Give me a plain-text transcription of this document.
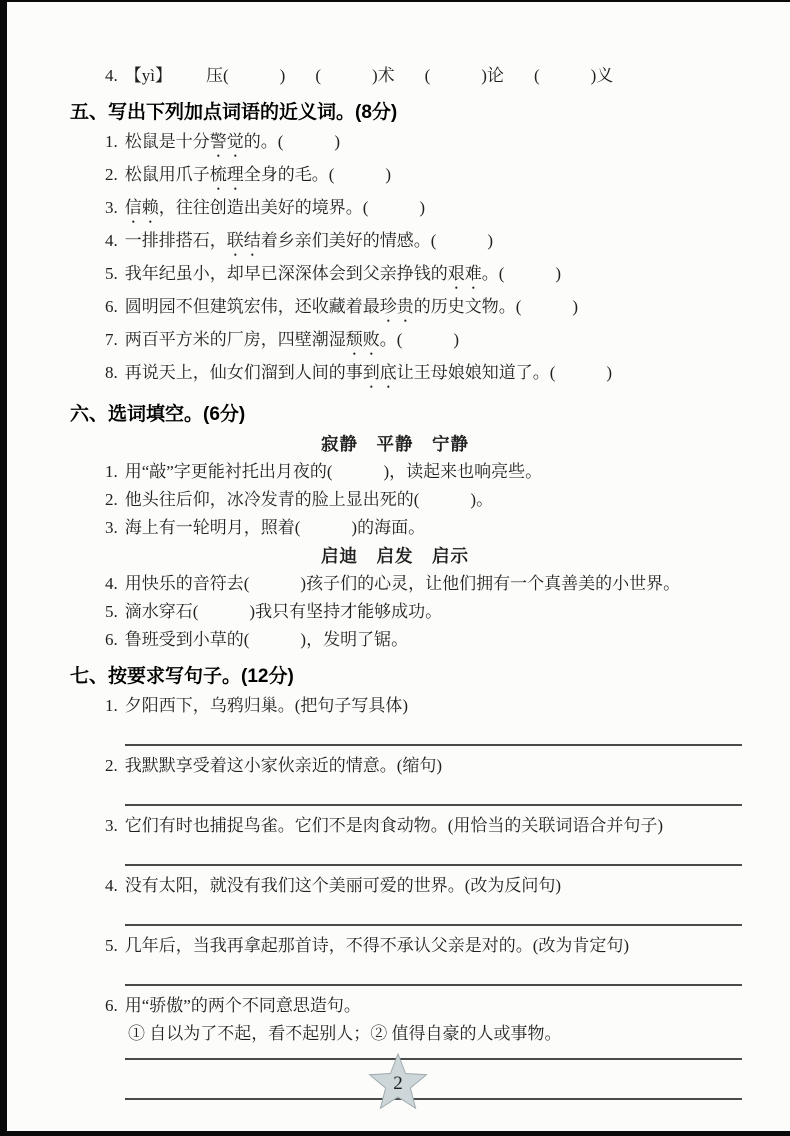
4. 【yì】 压(　　　) (　　　)术 (　　　)论 (　　　)义
五、写出下列加点词语的近义词。(8分)
1. 松鼠是十分警觉的。(　　　)
2. 松鼠用爪子梳理全身的毛。(　　　)
3. 信赖，往往创造出美好的境界。(　　　)
4. 一排排搭石，联结着乡亲们美好的情感。(　　　)
5. 我年纪虽小，却早已深深体会到父亲挣钱的艰难。(　　　)
6. 圆明园不但建筑宏伟，还收藏着最珍贵的历史文物。(　　　)
7. 两百平方米的厂房，四壁潮湿颓败。(　　　)
8. 再说天上，仙女们溜到人间的事到底让王母娘娘知道了。(　　　)
六、选词填空。(6分)
寂静　平静　宁静
1. 用“敲”字更能衬托出月夜的(　　　)，读起来也响亮些。
2. 他头往后仰，冰冷发青的脸上显出死的(　　　)。
3. 海上有一轮明月，照着(　　　)的海面。
启迪　启发　启示
4. 用快乐的音符去(　　　)孩子们的心灵，让他们拥有一个真善美的小世界。
5. 滴水穿石(　　　)我只有坚持才能够成功。
6. 鲁班受到小草的(　　　)，发明了锯。
七、按要求写句子。(12分)
1. 夕阳西下，乌鸦归巢。(把句子写具体)
2. 我默默享受着这小家伙亲近的情意。(缩句)
3. 它们有时也捕捉鸟雀。它们不是肉食动物。(用恰当的关联词语合并句子)
4. 没有太阳，就没有我们这个美丽可爱的世界。(改为反问句)
5. 几年后，当我再拿起那首诗，不得不承认父亲是对的。(改为肯定句)
6. 用“骄傲”的两个不同意思造句。
① 自以为了不起，看不起别人；② 值得自豪的人或事物。
2
